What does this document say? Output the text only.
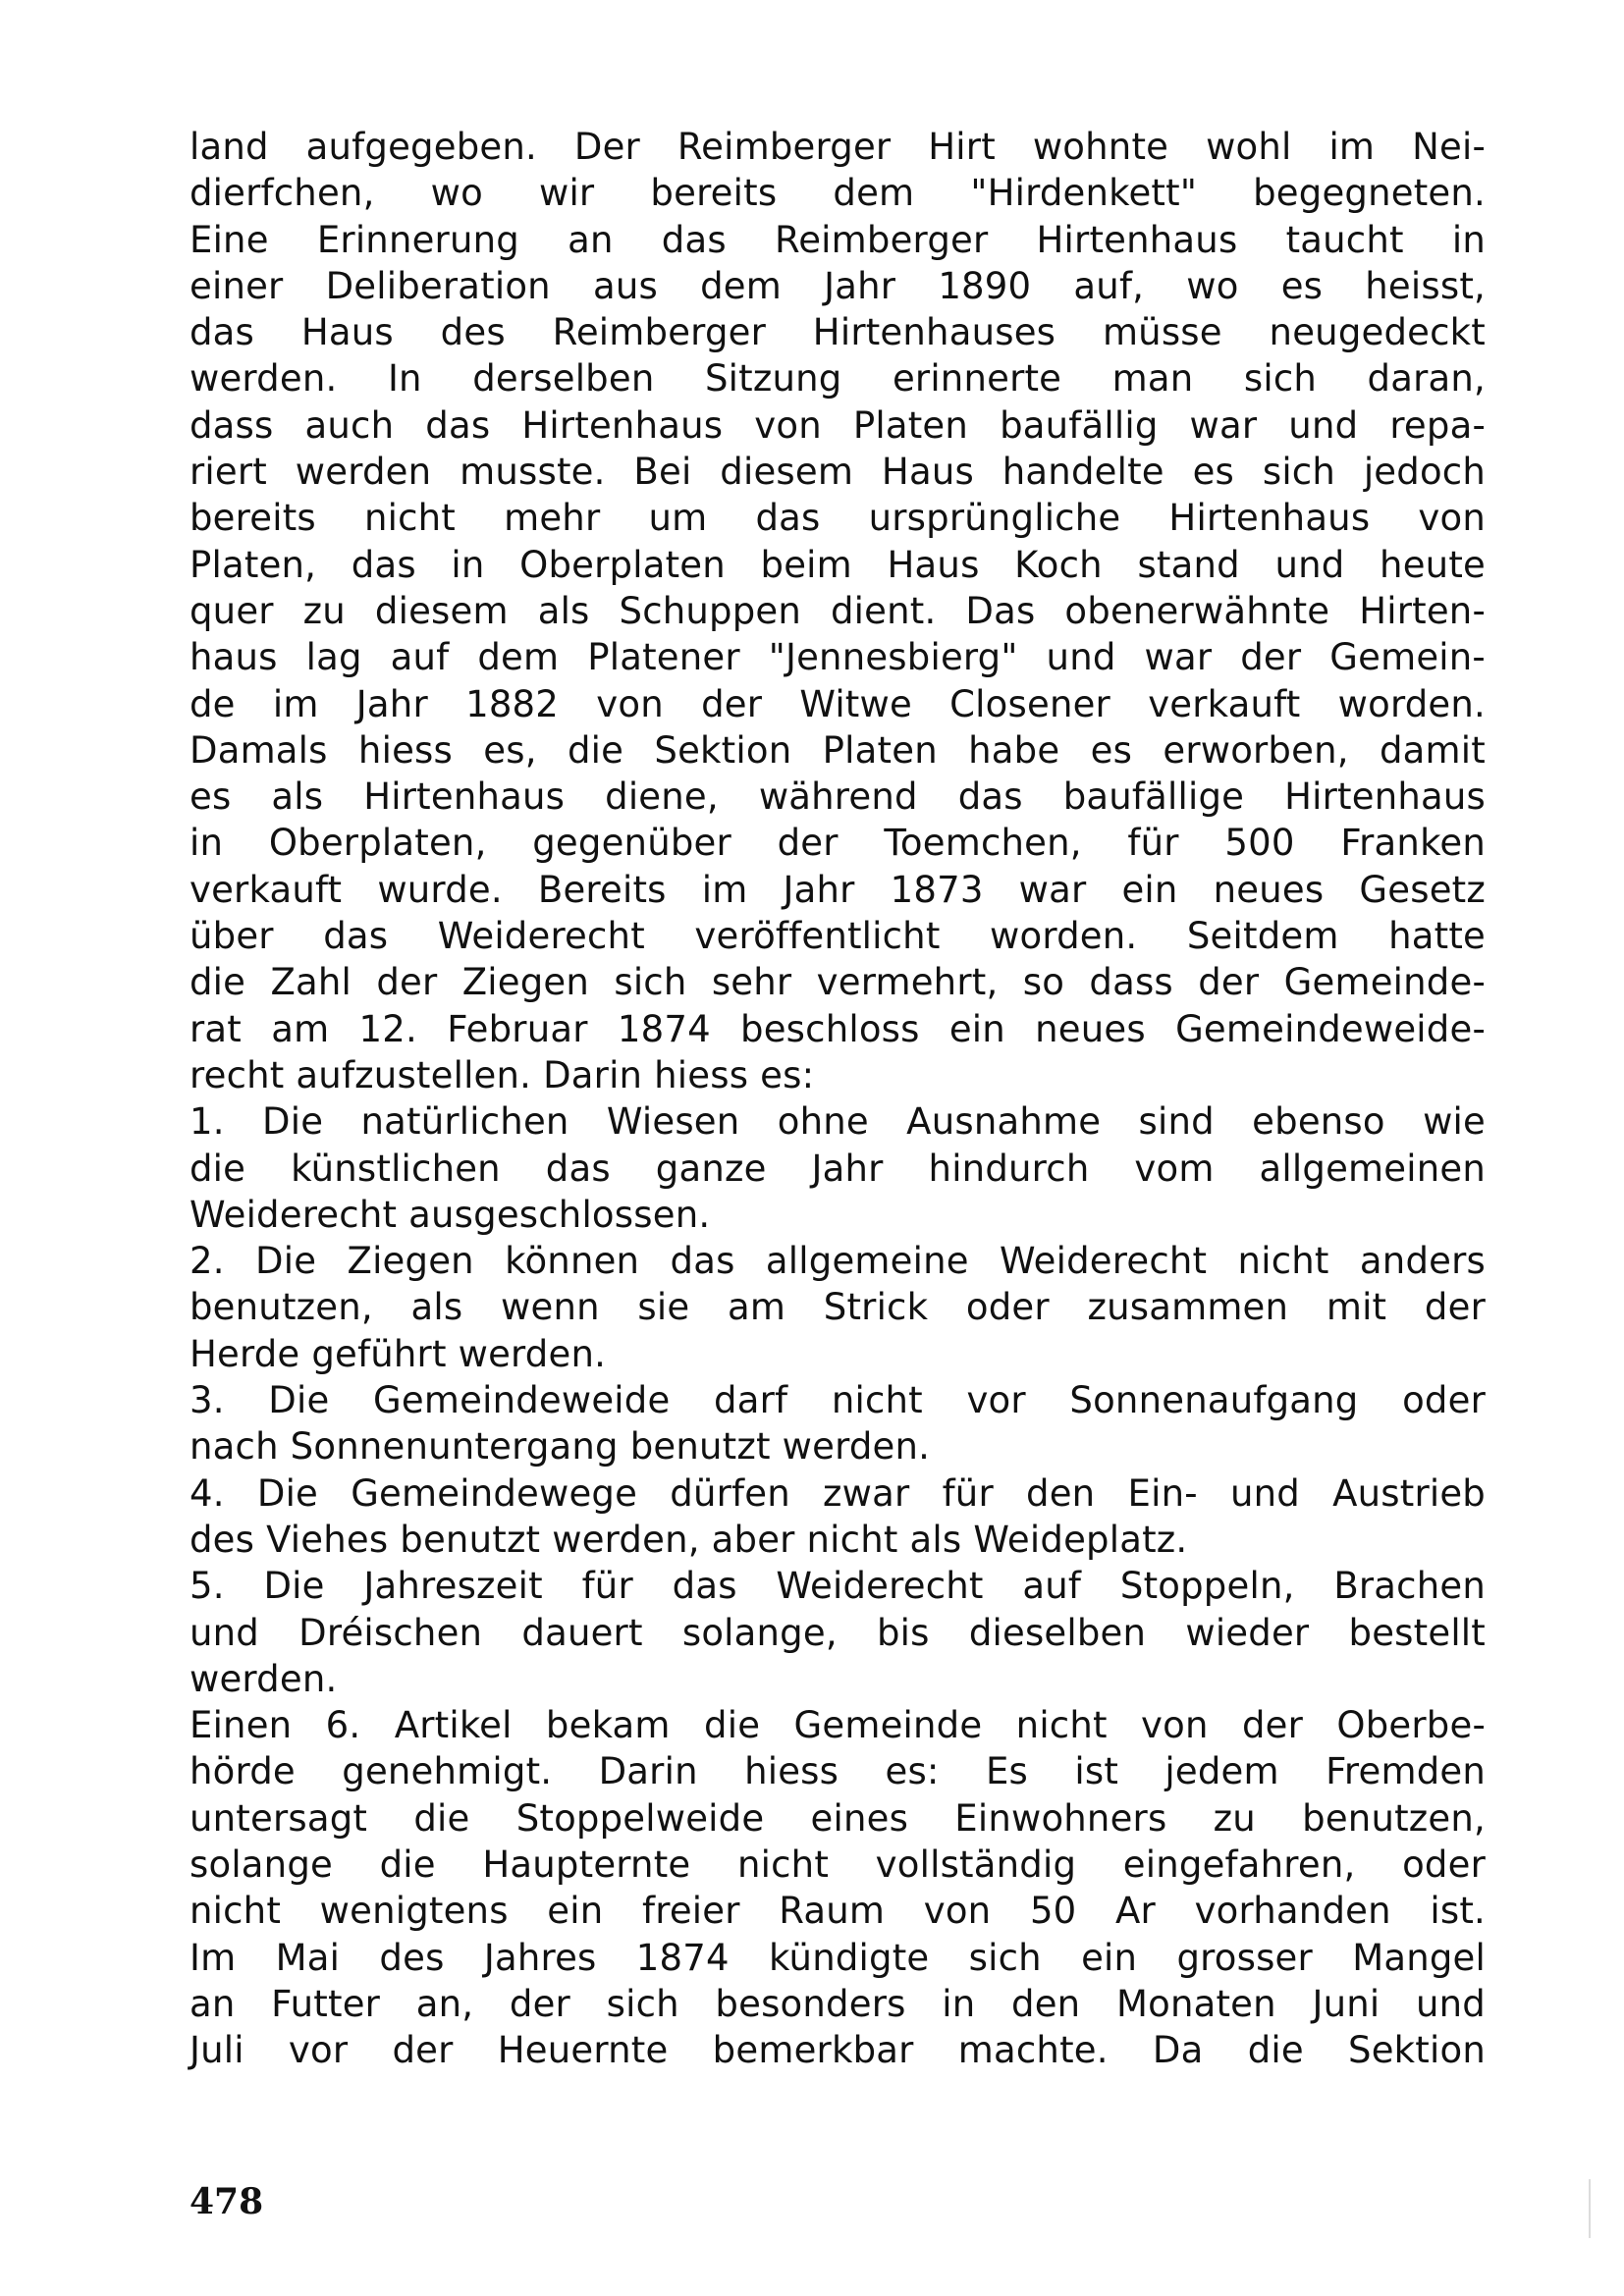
land aufgegeben. Der Reimberger Hirt wohnte wohl im Nei-
dierfchen, wo wir bereits dem "Hirdenkett" begegneten.
Eine Erinnerung an das Reimberger Hirtenhaus taucht in
einer Deliberation aus dem Jahr 1890 auf, wo es heisst,
das Haus des Reimberger Hirtenhauses müsse neugedeckt
werden. In derselben Sitzung erinnerte man sich daran,
dass auch das Hirtenhaus von Platen baufällig war und repa-
riert werden musste. Bei diesem Haus handelte es sich jedoch
bereits nicht mehr um das ursprüngliche Hirtenhaus von
Platen, das in Oberplaten beim Haus Koch stand und heute
quer zu diesem als Schuppen dient. Das obenerwähnte Hirten-
haus lag auf dem Platener "Jennesbierg" und war der Gemein-
de im Jahr 1882 von der Witwe Closener verkauft worden.
Damals hiess es, die Sektion Platen habe es erworben, damit
es als Hirtenhaus diene, während das baufällige Hirtenhaus
in Oberplaten, gegenüber der Toemchen, für 500 Franken
verkauft wurde. Bereits im Jahr 1873 war ein neues Gesetz
über das Weiderecht veröffentlicht worden. Seitdem hatte
die Zahl der Ziegen sich sehr vermehrt, so dass der Gemeinde-
rat am 12. Februar 1874 beschloss ein neues Gemeindeweide-
recht aufzustellen. Darin hiess es:
1. Die natürlichen Wiesen ohne Ausnahme sind ebenso wie
die künstlichen das ganze Jahr hindurch vom allgemeinen
Weiderecht ausgeschlossen.
2. Die Ziegen können das allgemeine Weiderecht nicht anders
benutzen, als wenn sie am Strick oder zusammen mit der
Herde geführt werden.
3. Die Gemeindeweide darf nicht vor Sonnenaufgang oder
nach Sonnenuntergang benutzt werden.
4. Die Gemeindewege dürfen zwar für den Ein- und Austrieb
des Viehes benutzt werden, aber nicht als Weideplatz.
5. Die Jahreszeit für das Weiderecht auf Stoppeln, Brachen
und Dréischen dauert solange, bis dieselben wieder bestellt
werden.
Einen 6. Artikel bekam die Gemeinde nicht von der Oberbe-
hörde genehmigt. Darin hiess es: Es ist jedem Fremden
untersagt die Stoppelweide eines Einwohners zu benutzen,
solange die Haupternte nicht vollständig eingefahren, oder
nicht wenigtens ein freier Raum von 50 Ar vorhanden ist.
Im Mai des Jahres 1874 kündigte sich ein grosser Mangel
an Futter an, der sich besonders in den Monaten Juni und
Juli vor der Heuernte bemerkbar machte. Da die Sektion
478
